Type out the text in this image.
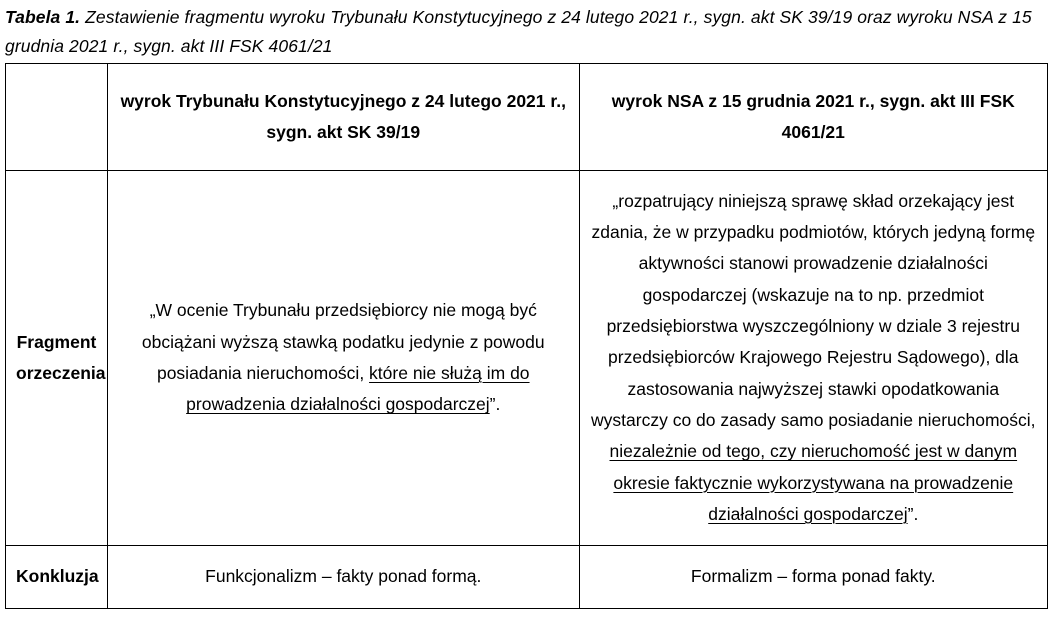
Tabela 1. Zestawienie fragmentu wyroku Trybunału Konstytucyjnego z 24 lutego 2021 r., sygn. akt SK 39/19 oraz wyroku NSA z 15 grudnia 2021 r., sygn. akt III FSK 4061/21
	wyrok Trybunału Konstytucyjnego z 24 lutego 2021 r., sygn. akt SK 39/19	wyrok NSA z 15 grudnia 2021 r., sygn. akt III FSK 4061/21
Fragment orzeczenia	„W ocenie Trybunału przedsiębiorcy nie mogą być obciążani wyższą stawką podatku jedynie z powodu posiadania nieruchomości, które nie służą im do prowadzenia działalności gospodarczej”.	„rozpatrujący niniejszą sprawę skład orzekający jest zdania, że w przypadku podmiotów, których jedyną formę aktywności stanowi prowadzenie działalności gospodarczej (wskazuje na to np. przedmiot przedsiębiorstwa wyszczególniony w dziale 3 rejestru przedsiębiorców Krajowego Rejestru Sądowego), dla zastosowania najwyższej stawki opodatkowania wystarczy co do zasady samo posiadanie nieruchomości, niezależnie od tego, czy nieruchomość jest w danym okresie faktycznie wykorzystywana na prowadzenie działalności gospodarczej”.
Konkluzja	Funkcjonalizm – fakty ponad formą.	Formalizm – forma ponad fakty.
